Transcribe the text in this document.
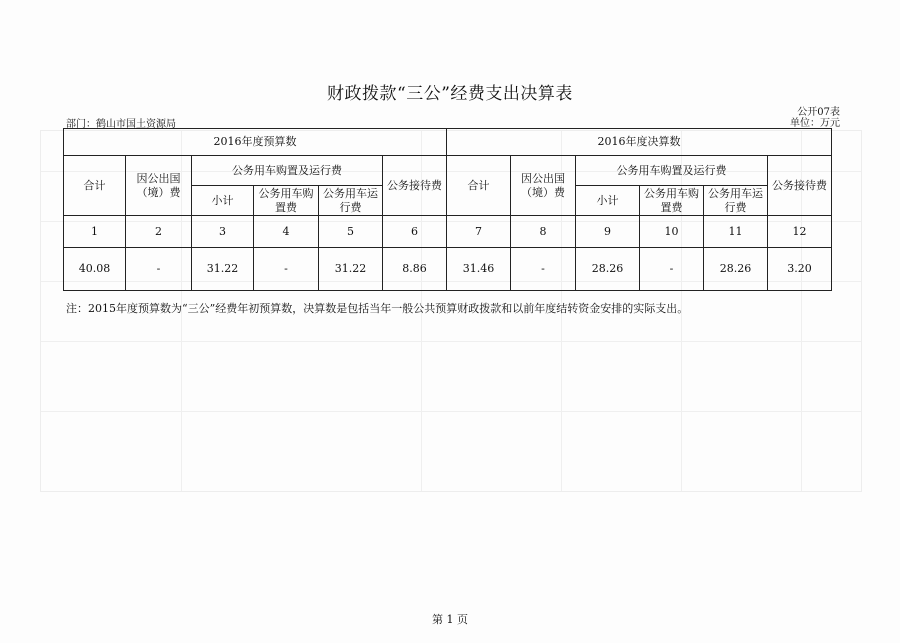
财政拨款“三公”经费支出决算表
公开07表
部门：鹤山市国土资源局	单位：万元
2016年度预算数						2016年度决算数					
合计	因公出国（境）费	公务用车购置及运行费			公务接待费	合计	因公出国（境）费	公务用车购置及运行费			公务接待费
		小计	公务用车购置费	公务用车运行费				小计	公务用车购置费	公务用车运行费	
1	2	3	4	5	6	7	8	9	10	11	12
40.08	-	31.22	-	31.22	8.86	31.46	-	28.26	-	28.26	3.20
注：2015年度预算数为“三公”经费年初预算数，决算数是包括当年一般公共预算财政拨款和以前年度结转资金安排的实际支出。
第 1 页
